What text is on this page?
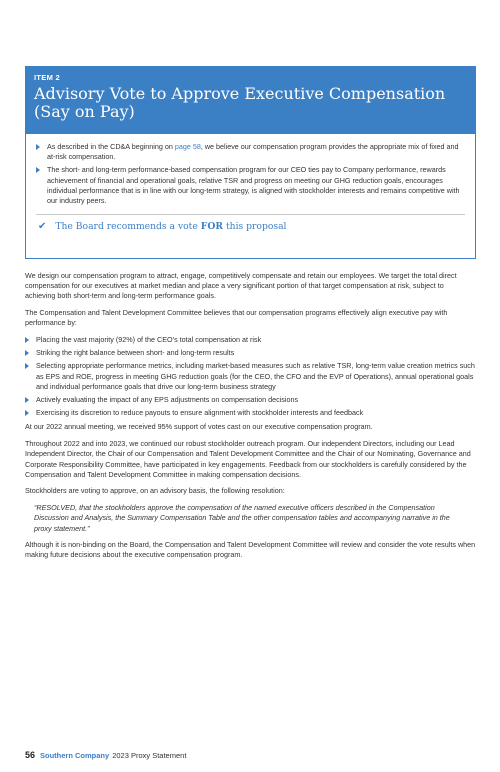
ITEM 2
Advisory Vote to Approve Executive Compensation (Say on Pay)
As described in the CD&A beginning on page 58, we believe our compensation program provides the appropriate mix of fixed and at-risk compensation.
The short- and long-term performance-based compensation program for our CEO ties pay to Company performance, rewards achievement of financial and operational goals, relative TSR and progress on meeting our GHG reduction goals, encourages individual performance that is in line with our long-term strategy, is aligned with stockholder interests and remains competitive with our industry peers.
✔ The Board recommends a vote FOR this proposal

We design our compensation program to attract, engage, competitively compensate and retain our employees. We target the total direct compensation for our executives at market median and place a very significant portion of that target compensation at risk, subject to achieving both short-term and long-term performance goals.

The Compensation and Talent Development Committee believes that our compensation programs effectively align executive pay with performance by:

Placing the vast majority (92%) of the CEO’s total compensation at risk
Striking the right balance between short- and long-term results
Selecting appropriate performance metrics, including market-based measures such as relative TSR, long-term value creation metrics such as EPS and ROE, progress in meeting GHG reduction goals (for the CEO, the CFO and the EVP of Operations), annual operational goals and individual performance goals that drive our long-term business strategy
Actively evaluating the impact of any EPS adjustments on compensation decisions
Exercising its discretion to reduce payouts to ensure alignment with stockholder interests and feedback

At our 2022 annual meeting, we received 95% support of votes cast on our executive compensation program.

Throughout 2022 and into 2023, we continued our robust stockholder outreach program. Our independent Directors, including our Lead Independent Director, the Chair of our Compensation and Talent Development Committee and the Chair of our Nominating, Governance and Corporate Responsibility Committee, have participated in key engagements. Feedback from our stockholders is carefully considered by the Compensation and Talent Development Committee in making compensation decisions.

Stockholders are voting to approve, on an advisory basis, the following resolution:

“RESOLVED, that the stockholders approve the compensation of the named executive officers described in the Compensation Discussion and Analysis, the Summary Compensation Table and the other compensation tables and accompanying narrative in the proxy statement.”

Although it is non-binding on the Board, the Compensation and Talent Development Committee will review and consider the vote results when making future decisions about the executive compensation program.

56 Southern Company 2023 Proxy Statement
